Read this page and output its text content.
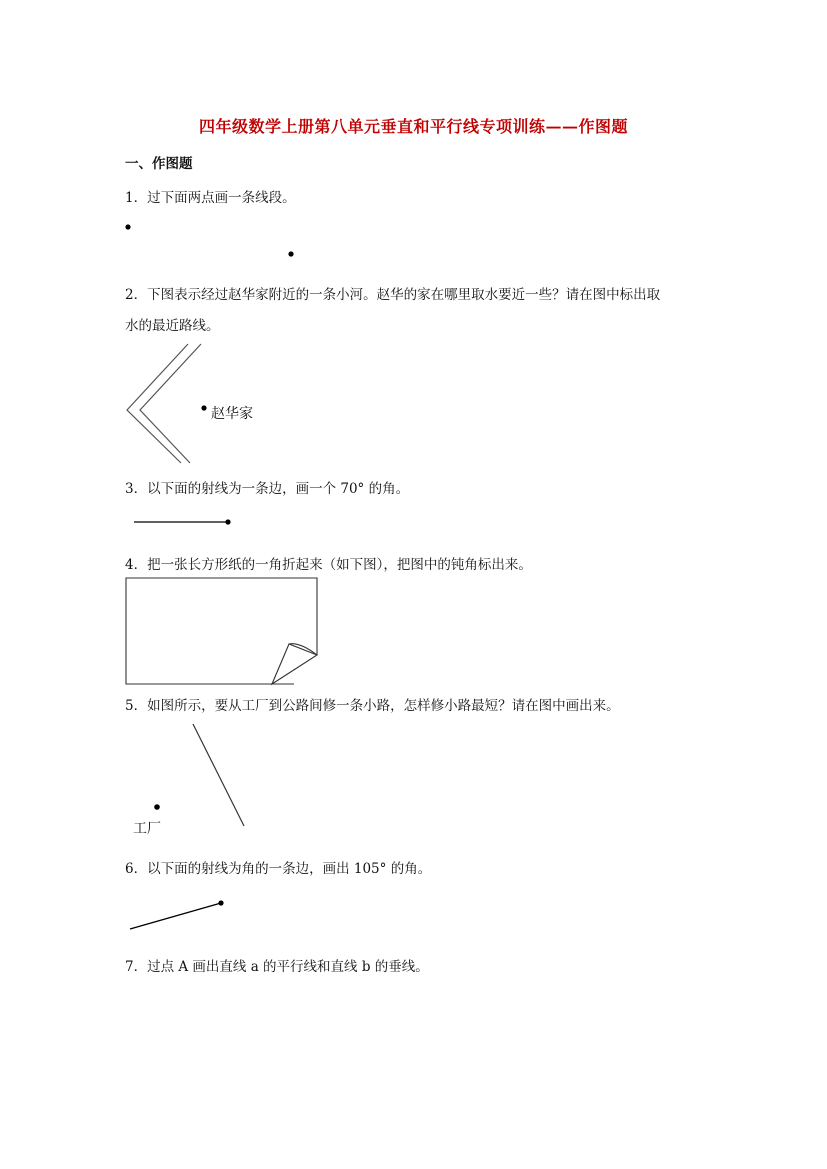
四年级数学上册第八单元垂直和平行线专项训练——作图题
一、作图题
1．过下面两点画一条线段。
2．下图表示经过赵华家附近的一条小河。赵华的家在哪里取水要近一些？请在图中标出取
水的最近路线。
赵华家
3．以下面的射线为一条边，画一个 70° 的角。
4．把一张长方形纸的一角折起来（如下图），把图中的钝角标出来。
5．如图所示，要从工厂到公路间修一条小路，怎样修小路最短？请在图中画出来。
工厂
6．以下面的射线为角的一条边，画出 105° 的角。
7．过点 A 画出直线 a 的平行线和直线 b 的垂线。
